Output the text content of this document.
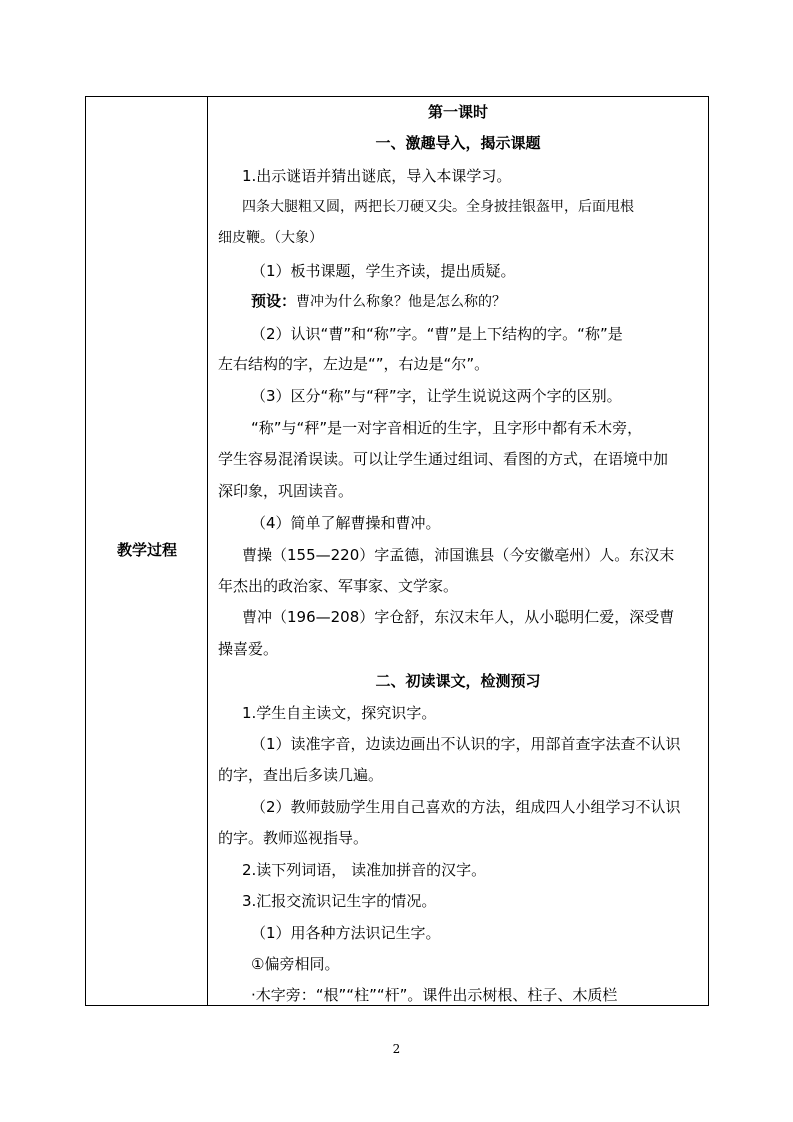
教学过程
第一课时
一、激趣导入，揭示课题
1.出示谜语并猜出谜底，导入本课学习。
四条大腿粗又圆，两把长刀硬又尖。全身披挂银盔甲，后面甩根
细皮鞭。（大象）
（1）板书课题，学生齐读，提出质疑。
预设：曹冲为什么称象？他是怎么称的？
（2）认识“曹”和“称”字。“曹”是上下结构的字。“称”是
左右结构的字，左边是“”，右边是“尔”。
（3）区分“称”与“秤”字，让学生说说这两个字的区别。
“称”与“秤”是一对字音相近的生字，且字形中都有禾木旁，
学生容易混淆误读。可以让学生通过组词、看图的方式，在语境中加
深印象，巩固读音。
（4）简单了解曹操和曹冲。
曹操（155—220）字孟德，沛国谯县（今安徽亳州）人。东汉末
年杰出的政治家、军事家、文学家。
曹冲（196—208）字仓舒，东汉末年人，从小聪明仁爱，深受曹
操喜爱。
二、初读课文，检测预习
1.学生自主读文，探究识字。
（1）读准字音，边读边画出不认识的字，用部首查字法查不认识
的字，查出后多读几遍。
（2）教师鼓励学生用自己喜欢的方法，组成四人小组学习不认识
的字。教师巡视指导。
2.读下列词语， 读准加拼音的汉字。
3.汇报交流识记生字的情况。
（1）用各种方法识记生字。
①偏旁相同。
·木字旁：“根”“柱”“杆”。课件出示树根、柱子、木质栏
2
